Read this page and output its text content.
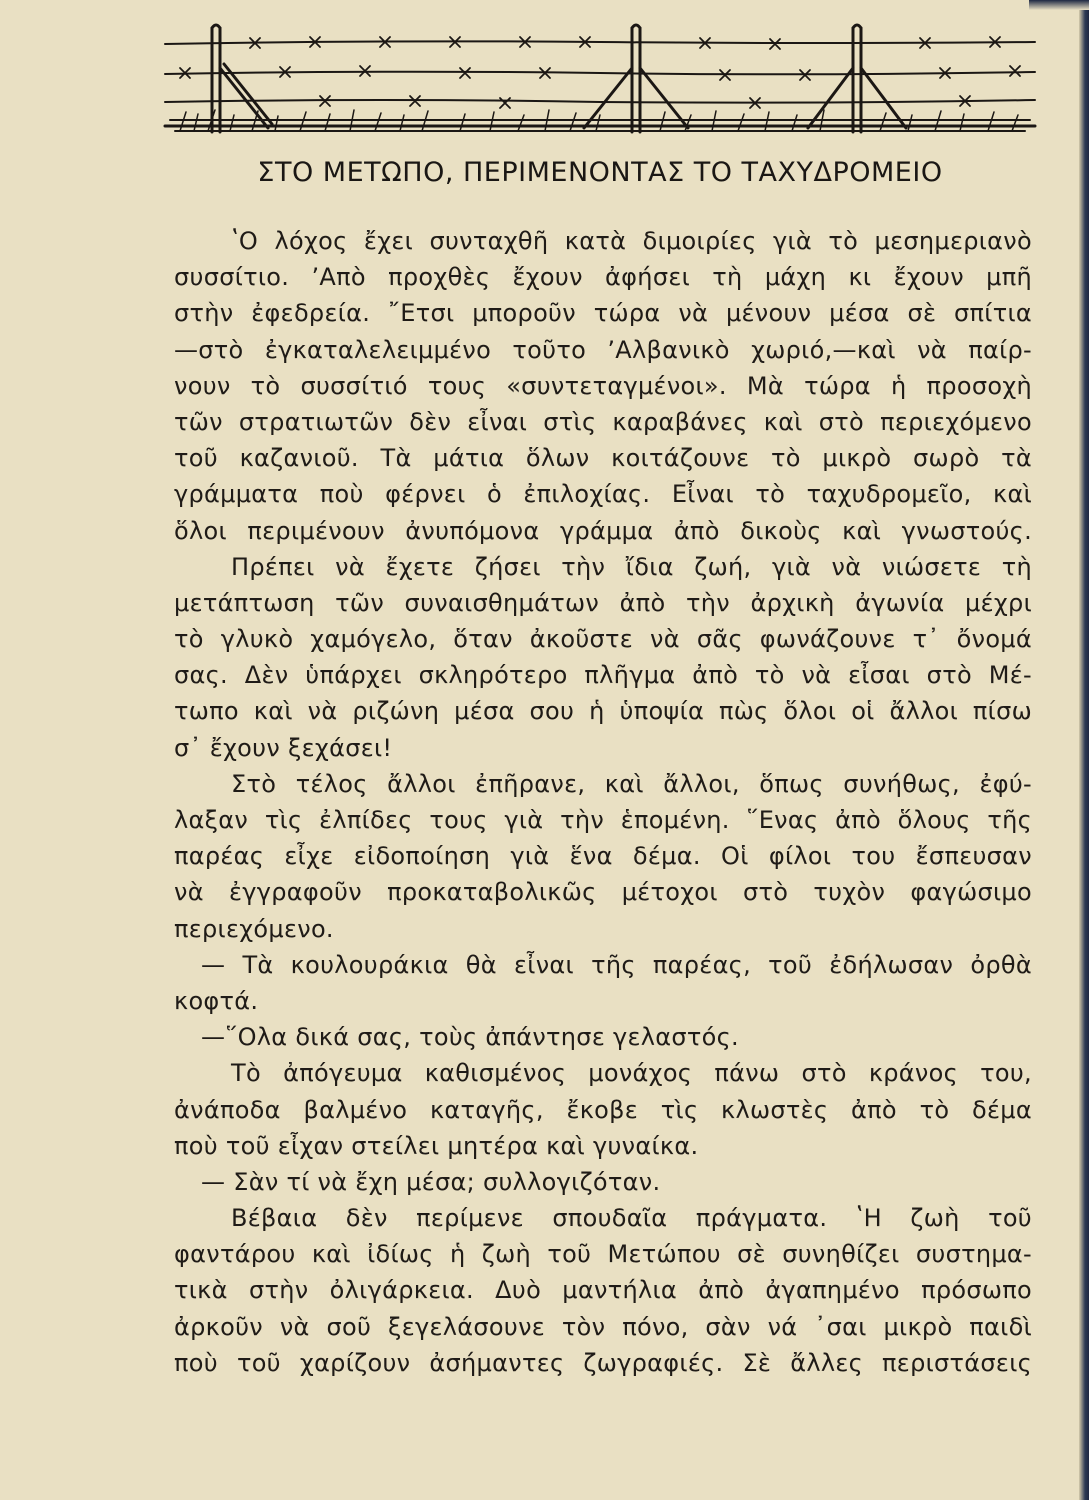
ΣΤΟ ΜΕΤΩΠΟ, ΠΕΡΙΜΕΝΟΝΤΑΣ ΤΟ ΤΑΧΥΔΡΟΜΕΙΟ
ʽΟ λόχος ἔχει συνταχθῆ κατὰ διμοιρίες γιὰ τὸ μεσημεριανὸ
συσσίτιο. ʼΑπὸ προχθὲς ἔχουν ἀφήσει τὴ μάχη κι ἔχουν μπῆ
στὴν ἐφεδρεία. ῎Ετσι μποροῦν τώρα νὰ μένουν μέσα σὲ σπίτια
—στὸ ἐγκαταλελειμμένο τοῦτο ʼΑλβανικὸ χωριό,—καὶ νὰ παίρ-
νουν τὸ συσσίτιό τους «συντεταγμένοι». Μὰ τώρα ἡ προσοχὴ
τῶν στρατιωτῶν δὲν εἶναι στὶς καραβάνες καὶ στὸ περιεχόμενο
τοῦ καζανιοῦ. Τὰ μάτια ὅλων κοιτάζουνε τὸ μικρὸ σωρὸ τὰ
γράμματα ποὺ φέρνει ὁ ἐπιλοχίας. Εἶναι τὸ ταχυδρομεῖο, καὶ
ὅλοι περιμένουν ἀνυπόμονα γράμμα ἀπὸ δικοὺς καὶ γνωστούς.
Πρέπει νὰ ἔχετε ζήσει τὴν ἴδια ζωή, γιὰ νὰ νιώσετε τὴ
μετάπτωση τῶν συναισθημάτων ἀπὸ τὴν ἀρχικὴ ἀγωνία μέχρι
τὸ γλυκὸ χαμόγελο, ὅταν ἀκοῦστε νὰ σᾶς φωνάζουνε τ᾽ ὄνομά
σας. Δὲν ὑπάρχει σκληρότερο πλῆγμα ἀπὸ τὸ νὰ εἶσαι στὸ Μέ-
τωπο καὶ νὰ ριζώνη μέσα σου ἡ ὑποψία πὼς ὅλοι οἱ ἄλλοι πίσω
σ᾽ ἔχουν ξεχάσει!
Στὸ τέλος ἄλλοι ἐπῆρανε, καὶ ἄλλοι, ὅπως συνήθως, ἐφύ-
λαξαν τὶς ἐλπίδες τους γιὰ τὴν ἑπομένη. ῞Ενας ἀπὸ ὅλους τῆς
παρέας εἶχε εἰδοποίηση γιὰ ἕνα δέμα. Οἱ φίλοι του ἔσπευσαν
νὰ ἐγγραφοῦν προκαταβολικῶς μέτοχοι στὸ τυχὸν φαγώσιμο
περιεχόμενο.
— Τὰ κουλουράκια θὰ εἶναι τῆς παρέας, τοῦ ἐδήλωσαν ὀρθὰ
κοφτά.
—῞Ολα δικά σας, τοὺς ἀπάντησε γελαστός.
Τὸ ἀπόγευμα καθισμένος μονάχος πάνω στὸ κράνος του,
ἀνάποδα βαλμένο καταγῆς, ἔκοβε τὶς κλωστὲς ἀπὸ τὸ δέμα
ποὺ τοῦ εἶχαν στείλει μητέρα καὶ γυναίκα.
— Σὰν τί νὰ ἔχη μέσα; συλλογιζόταν.
Βέβαια δὲν περίμενε σπουδαῖα πράγματα. ʽΗ ζωὴ τοῦ
φαντάρου καὶ ἰδίως ἡ ζωὴ τοῦ Μετώπου σὲ συνηθίζει συστημα-
τικὰ στὴν ὀλιγάρκεια. Δυὸ μαντήλια ἀπὸ ἀγαπημένο πρόσωπο
ἀρκοῦν νὰ σοῦ ξεγελάσουνε τὸν πόνο, σὰν νά ᾽σαι μικρὸ παιδὶ
ποὺ τοῦ χαρίζουν ἀσήμαντες ζωγραφιές. Σὲ ἄλλες περιστάσεις
